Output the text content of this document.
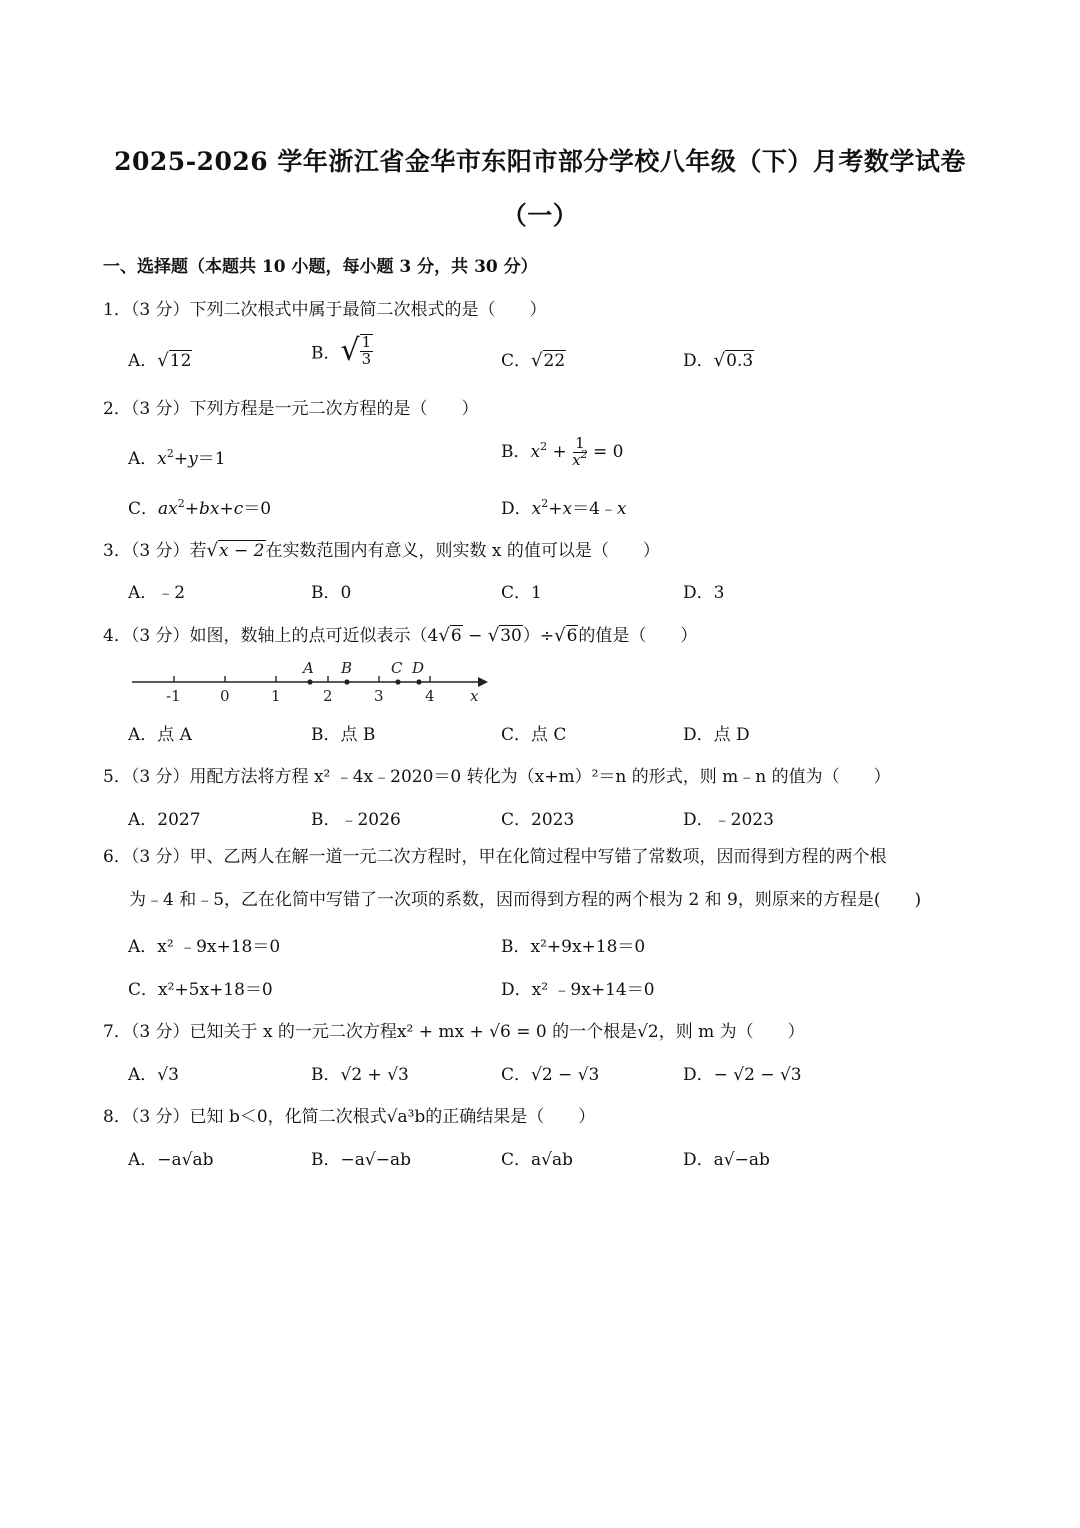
2025-2026 学年浙江省金华市东阳市部分学校八年级（下）月考数学试卷
（一）
一、选择题（本题共 10 小题，每小题 3 分，共 30 分）
1．（3 分）下列二次根式中属于最简二次根式的是（　　）
A．√12	B． √ $\frac{1}{3}$	C．√22	D．√0.3
2．（3 分）下列方程是一元二次方程的是（　　）
A．$x^2+y=1$	B．$x^2 + \frac{1}{x^2} = 0$
C．$ax^2+bx+c=0$	D．$x^2+x=4﹣x$
3．（3 分）若√x − 2在实数范围内有意义，则实数 x 的值可以是（　　）
A．﹣2	B．0	C．1	D．3
4．（3 分）如图，数轴上的点可近似表示（4√6 − √30）÷√6的值是（　　）
-1	0	1	2	3	4 x
A B	C D
A．点 A	B．点 B	C．点 C	D．点 D
5．（3 分）用配方法将方程 x² ﹣4x﹣2020＝0 转化为（x+m）²＝n 的形式，则 m﹣n 的值为（　　）
A．2027	B．﹣2026	C．2023	D．﹣2023
6．（3 分）甲、乙两人在解一道一元二次方程时，甲在化简过程中写错了常数项，因而得到方程的两个根
为﹣4 和﹣5，乙在化简中写错了一次项的系数，因而得到方程的两个根为 2 和 9，则原来的方程是(　　)
A．x² ﹣9x+18＝0	B．x²+9x+18＝0
C．x²+5x+18＝0	D．x² ﹣9x+14＝0
7．（3 分）已知关于 x 的一元二次方程x² + mx + √6 = 0 的一个根是√2，则 m 为（　　）
A．√3	B．√2 + √3	C．√2 − √3	D．− √2 − √3
8．（3 分）已知 b＜0，化简二次根式√a³b的正确结果是（　　）
A．−a√ab	B．−a√−ab	C．a√ab	D．a√−ab
